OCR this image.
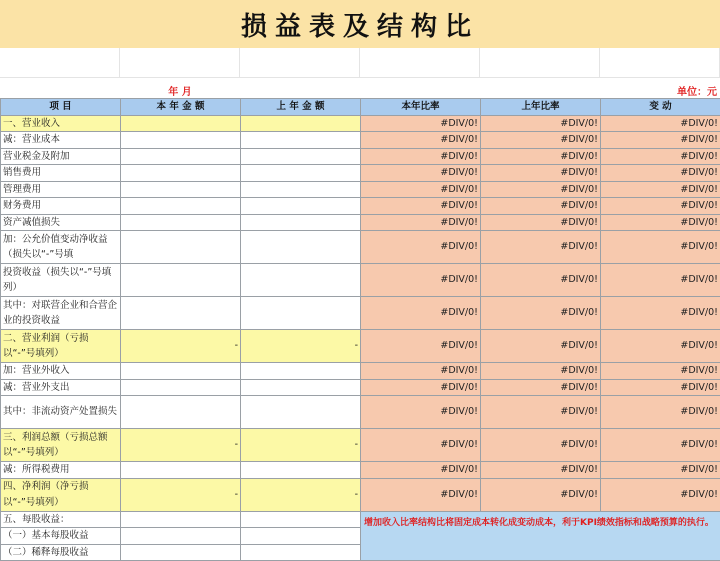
损益表及结构比
年 月	单位：元
项 目	本 年 金 额	上 年 金 额	本年比率	上年比率	变 动
一、营业收入			#DIV/0!	#DIV/0!	#DIV/0!
减：营业成本			#DIV/0!	#DIV/0!	#DIV/0!
营业税金及附加			#DIV/0!	#DIV/0!	#DIV/0!
销售费用			#DIV/0!	#DIV/0!	#DIV/0!
管理费用			#DIV/0!	#DIV/0!	#DIV/0!
财务费用			#DIV/0!	#DIV/0!	#DIV/0!
资产减值损失			#DIV/0!	#DIV/0!	#DIV/0!
加：公允价值变动净收益（损失以“-”号填			#DIV/0!	#DIV/0!	#DIV/0!
投资收益（损失以“-”号填列）			#DIV/0!	#DIV/0!	#DIV/0!
其中：对联营企业和合营企业的投资收益			#DIV/0!	#DIV/0!	#DIV/0!
二、营业利润（亏损以“-”号填列）	-	-	#DIV/0!	#DIV/0!	#DIV/0!
加：营业外收入			#DIV/0!	#DIV/0!	#DIV/0!
减：营业外支出			#DIV/0!	#DIV/0!	#DIV/0!
其中：非流动资产处置损失			#DIV/0!	#DIV/0!	#DIV/0!
三、利润总额（亏损总额以“-”号填列）	-	-	#DIV/0!	#DIV/0!	#DIV/0!
减：所得税费用			#DIV/0!	#DIV/0!	#DIV/0!
四、净利润（净亏损以“-”号填列）	-	-	#DIV/0!	#DIV/0!	#DIV/0!
五、每股收益：			增加收入比率结构比将固定成本转化成变动成本，利于KPI绩效指标和战略预算的执行。		
（一）基本每股收益					
（二）稀释每股收益					
